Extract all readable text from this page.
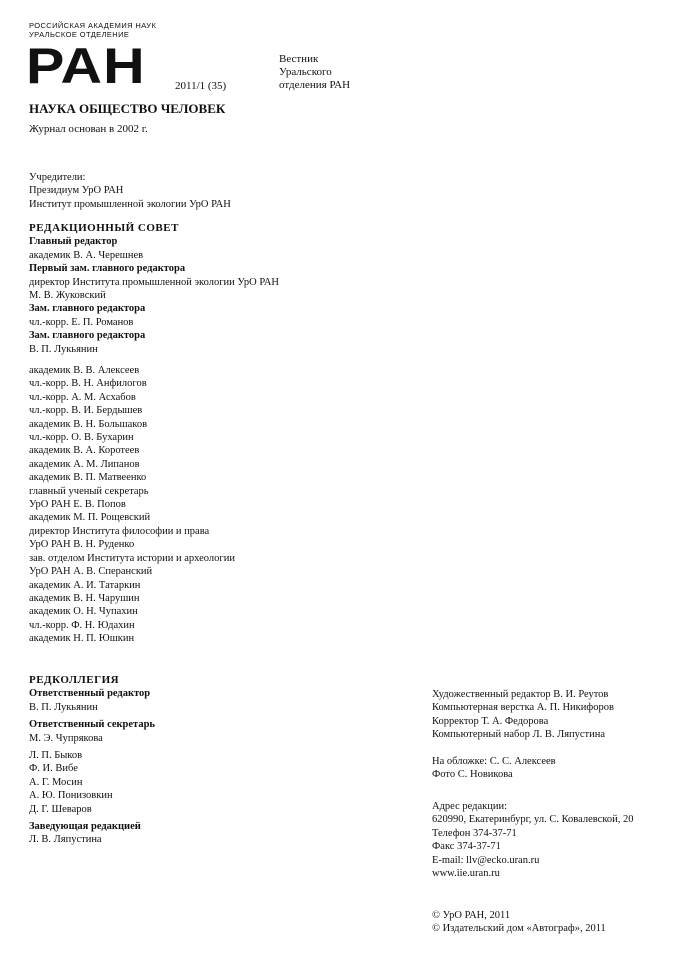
РОССИЙСКАЯ АКАДЕМИЯ НАУК
УРАЛЬСКОЕ ОТДЕЛЕНИЕ
РАН	2011/1 (35)
Вестник
Уральского
отделения РАН
НАУКА ОБЩЕСТВО ЧЕЛОВЕК
Журнал основан в 2002 г.
Учредители:
Президиум УрО РАН
Институт промышленной экологии УрО РАН
РЕДАКЦИОННЫЙ СОВЕТ
Главный редактор
академик В. А. Черешнев
Первый зам. главного редактора
директор Института промышленной экологии УрО РАН
М. В. Жуковский
Зам. главного редактора
чл.-корр. Е. П. Романов
Зам. главного редактора
В. П. Лукьянин
академик В. В. Алексеев
чл.-корр. В. Н. Анфилогов
чл.-корр. А. М. Асхабов
чл.-корр. В. И. Бердышев
академик В. Н. Большаков
чл.-корр. О. В. Бухарин
академик В. А. Коротеев
академик А. М. Липанов
академик В. П. Матвеенко
главный ученый секретарь
УрО РАН Е. В. Попов
академик М. П. Рощевский
директор Института философии и права
УрО РАН В. Н. Руденко
зав. отделом Института истории и археологии
УрО РАН А. В. Сперанский
академик А. И. Татаркин
академик В. Н. Чарушин
академик О. Н. Чупахин
чл.-корр. Ф. Н. Юдахин
академик Н. П. Юшкин
РЕДКОЛЛЕГИЯ
Ответственный редактор
В. П. Лукьянин
Ответственный секретарь
М. Э. Чупрякова
Л. П. Быков
Ф. И. Вибе
А. Г. Мосин
А. Ю. Понизовкин
Д. Г. Шеваров
Заведующая редакцией
Л. В. Ляпустина
Художественный редактор В. И. Реутов
Компьютерная верстка А. П. Никифоров
Корректор Т. А. Федорова
Компьютерный набор Л. В. Ляпустина
На обложке: С. С. Алексеев
Фото С. Новикова
Адрес редакции:
620990, Екатеринбург, ул. С. Ковалевской, 20
Телефон 374-37-71
Факс 374-37-71
E-mail: llv@ecko.uran.ru
www.iie.uran.ru
© УрО РАН, 2011
© Издательский дом «Автограф», 2011
